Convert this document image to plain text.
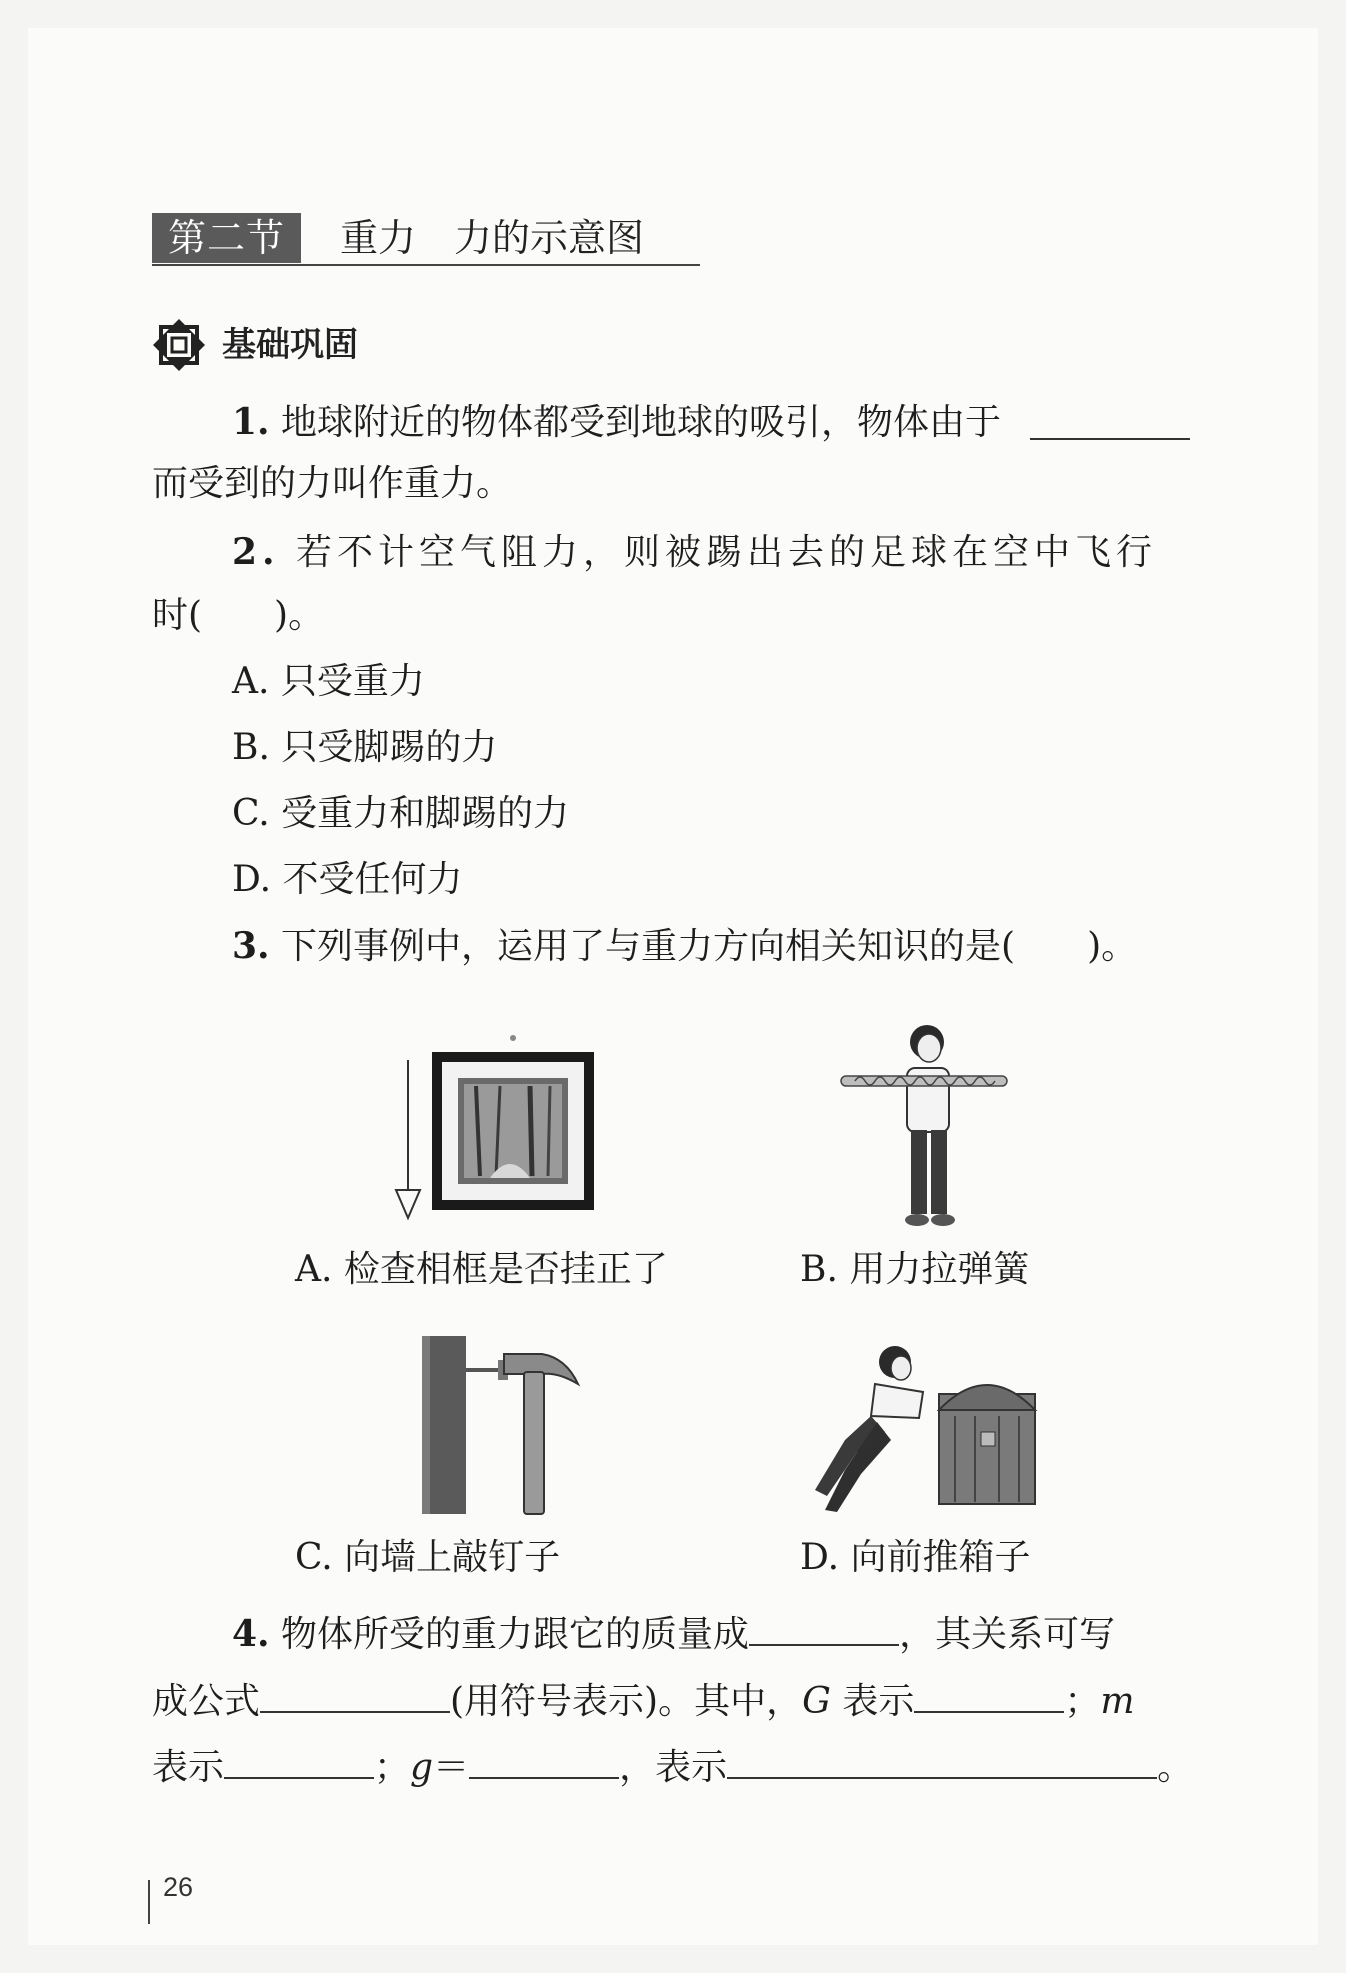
第二节	重力　力的示意图
基础巩固
1. 地球附近的物体都受到地球的吸引，物体由于
而受到的力叫作重力。
2. 若不计空气阻力，则被踢出去的足球在空中飞行
时(　　)。
A. 只受重力
B. 只受脚踢的力
C. 受重力和脚踢的力
D. 不受任何力
3. 下列事例中，运用了与重力方向相关知识的是(　　)。
A. 检查相框是否挂正了	B. 用力拉弹簧
C. 向墙上敲钉子	D. 向前推箱子
4. 物体所受的重力跟它的质量成	，其关系可写
成公式	(用符号表示)。其中，G 表示	；m
表示	；g＝	，表示	。
26
